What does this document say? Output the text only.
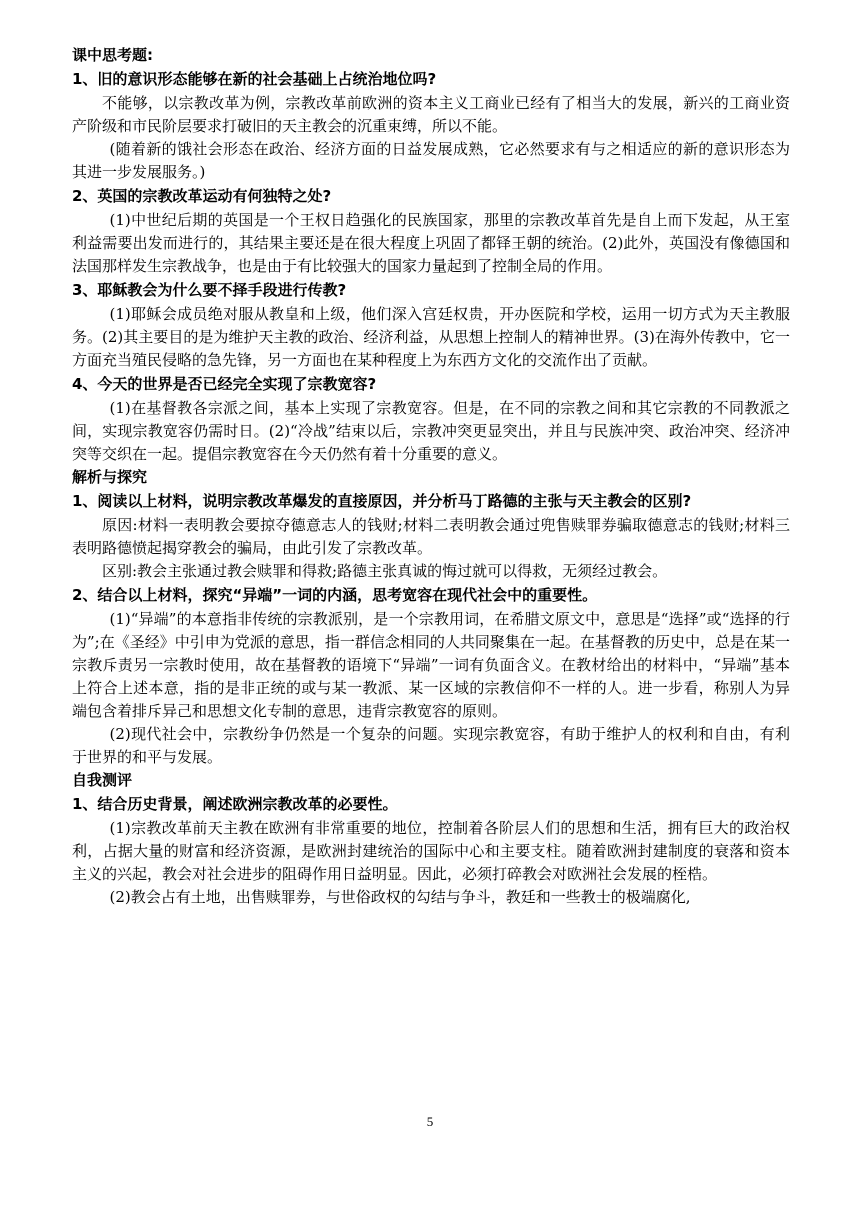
课中思考题:

1、旧的意识形态能够在新的社会基础上占统治地位吗?

不能够，以宗教改革为例，宗教改革前欧洲的资本主义工商业已经有了相当大的发展，新兴的工商业资产阶级和市民阶层要求打破旧的天主教会的沉重束缚，所以不能。

(随着新的饿社会形态在政治、经济方面的日益发展成熟，它必然要求有与之相适应的新的意识形态为其进一步发展服务。)

2、英国的宗教改革运动有何独特之处?

(1)中世纪后期的英国是一个王权日趋强化的民族国家，那里的宗教改革首先是自上而下发起，从王室利益需要出发而进行的，其结果主要还是在很大程度上巩固了都铎王朝的统治。(2)此外，英国没有像德国和法国那样发生宗教战争，也是由于有比较强大的国家力量起到了控制全局的作用。

3、耶稣教会为什么要不择手段进行传教?

(1)耶稣会成员绝对服从教皇和上级，他们深入宫廷权贵，开办医院和学校，运用一切方式为天主教服务。(2)其主要目的是为维护天主教的政治、经济利益，从思想上控制人的精神世界。(3)在海外传教中，它一方面充当殖民侵略的急先锋，另一方面也在某种程度上为东西方文化的交流作出了贡献。

4、今天的世界是否已经完全实现了宗教宽容?

(1)在基督教各宗派之间，基本上实现了宗教宽容。但是，在不同的宗教之间和其它宗教的不同教派之间，实现宗教宽容仍需时日。(2)“冷战”结束以后，宗教冲突更显突出，并且与民族冲突、政治冲突、经济冲突等交织在一起。提倡宗教宽容在今天仍然有着十分重要的意义。

解析与探究

1、阅读以上材料，说明宗教改革爆发的直接原因，并分析马丁路德的主张与天主教会的区别?

原因:材料一表明教会要掠夺德意志人的钱财;材料二表明教会通过兜售赎罪券骗取德意志的钱财;材料三表明路德愤起揭穿教会的骗局，由此引发了宗教改革。

区别:教会主张通过教会赎罪和得救;路德主张真诚的悔过就可以得救，无须经过教会。

2、结合以上材料，探究“异端”一词的内涵，思考宽容在现代社会中的重要性。

(1)“异端”的本意指非传统的宗教派别，是一个宗教用词，在希腊文原文中，意思是“选择”或“选择的行为”;在《圣经》中引申为党派的意思，指一群信念相同的人共同聚集在一起。在基督教的历史中，总是在某一宗教斥责另一宗教时使用，故在基督教的语境下“异端”一词有负面含义。在教材给出的材料中，“异端”基本上符合上述本意，指的是非正统的或与某一教派、某一区域的宗教信仰不一样的人。进一步看，称别人为异端包含着排斥异己和思想文化专制的意思，违背宗教宽容的原则。

(2)现代社会中，宗教纷争仍然是一个复杂的问题。实现宗教宽容，有助于维护人的权利和自由，有利于世界的和平与发展。

自我测评

1、结合历史背景，阐述欧洲宗教改革的必要性。

(1)宗教改革前天主教在欧洲有非常重要的地位，控制着各阶层人们的思想和生活，拥有巨大的政治权利，占据大量的财富和经济资源，是欧洲封建统治的国际中心和主要支柱。随着欧洲封建制度的衰落和资本主义的兴起，教会对社会进步的阻碍作用日益明显。因此，必须打碎教会对欧洲社会发展的桎梏。

(2)教会占有土地，出售赎罪券，与世俗政权的勾结与争斗，教廷和一些教士的极端腐化,

5
